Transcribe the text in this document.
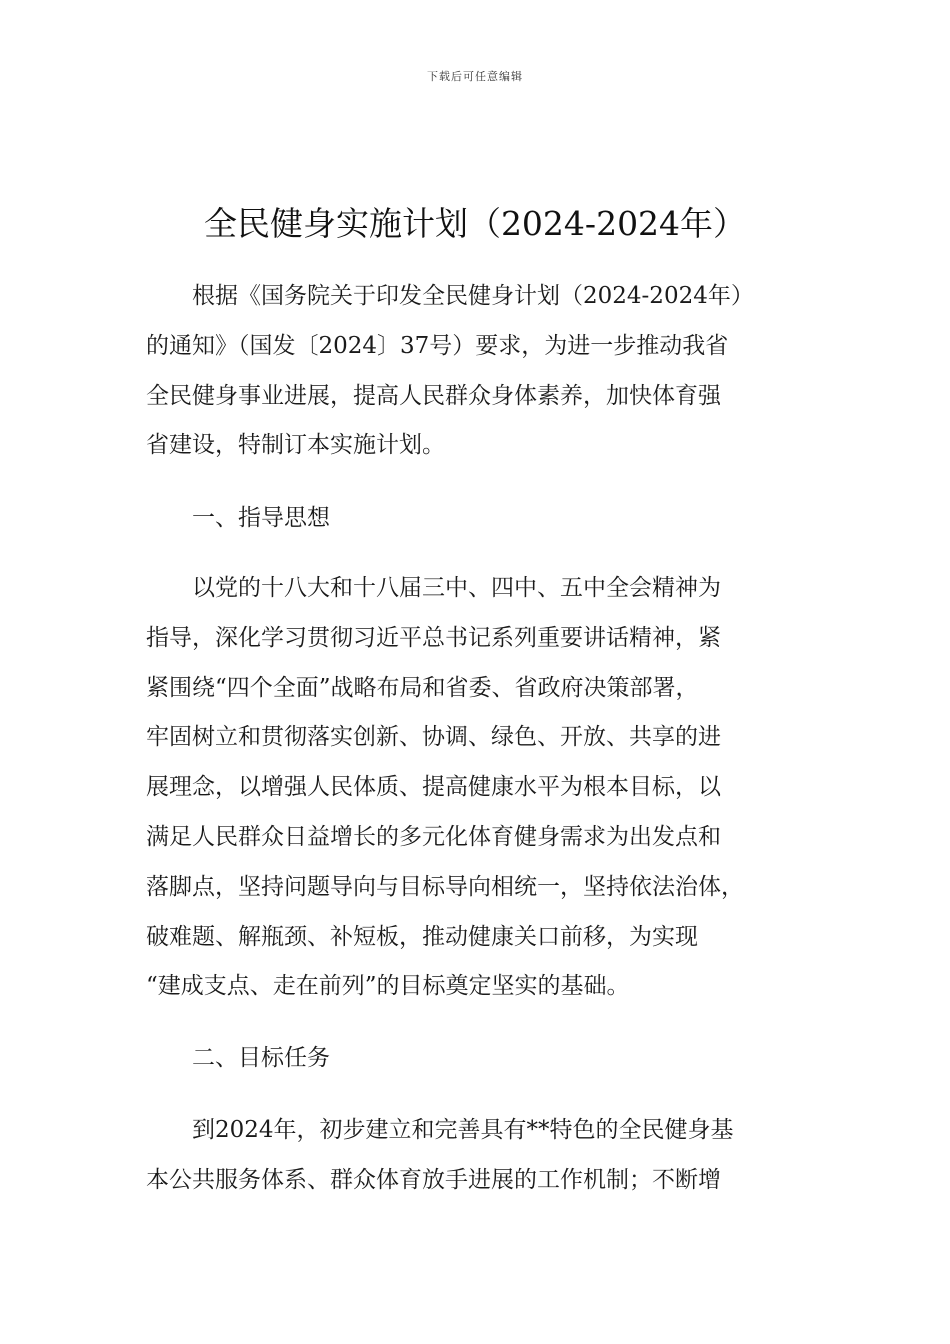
下载后可任意编辑
全民健身实施计划（2024-2024年）
　　根据《国务院关于印发全民健身计划（2024-2024年）
的通知》（国发〔2024〕37号）要求，为进一步推动我省
全民健身事业进展，提高人民群众身体素养，加快体育强
省建设，特制订本实施计划。
　　一、指导思想
　　以党的十八大和十八届三中、四中、五中全会精神为
指导，深化学习贯彻习近平总书记系列重要讲话精神，紧
紧围绕“四个全面”战略布局和省委、省政府决策部署，
牢固树立和贯彻落实创新、协调、绿色、开放、共享的进
展理念，以增强人民体质、提高健康水平为根本目标，以
满足人民群众日益增长的多元化体育健身需求为出发点和
落脚点，坚持问题导向与目标导向相统一，坚持依法治体，
破难题、解瓶颈、补短板，推动健康关口前移，为实现
“建成支点、走在前列”的目标奠定坚实的基础。
　　二、目标任务
　　到2024年，初步建立和完善具有**特色的全民健身基
本公共服务体系、群众体育放手进展的工作机制；不断增
